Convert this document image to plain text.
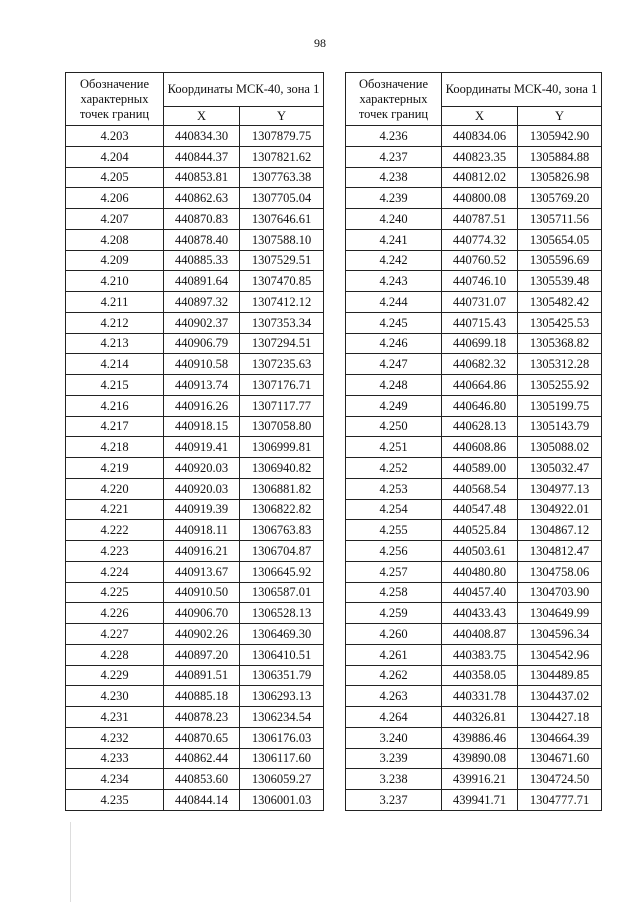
98
Обозначение характерных точек границ	Координаты МСК-40, зона 1	
	X	Y
4.203	440834.30	1307879.75
4.204	440844.37	1307821.62
4.205	440853.81	1307763.38
4.206	440862.63	1307705.04
4.207	440870.83	1307646.61
4.208	440878.40	1307588.10
4.209	440885.33	1307529.51
4.210	440891.64	1307470.85
4.211	440897.32	1307412.12
4.212	440902.37	1307353.34
4.213	440906.79	1307294.51
4.214	440910.58	1307235.63
4.215	440913.74	1307176.71
4.216	440916.26	1307117.77
4.217	440918.15	1307058.80
4.218	440919.41	1306999.81
4.219	440920.03	1306940.82
4.220	440920.03	1306881.82
4.221	440919.39	1306822.82
4.222	440918.11	1306763.83
4.223	440916.21	1306704.87
4.224	440913.67	1306645.92
4.225	440910.50	1306587.01
4.226	440906.70	1306528.13
4.227	440902.26	1306469.30
4.228	440897.20	1306410.51
4.229	440891.51	1306351.79
4.230	440885.18	1306293.13
4.231	440878.23	1306234.54
4.232	440870.65	1306176.03
4.233	440862.44	1306117.60
4.234	440853.60	1306059.27
4.235	440844.14	1306001.03
Обозначение характерных точек границ	Координаты МСК-40, зона 1	
	X	Y
4.236	440834.06	1305942.90
4.237	440823.35	1305884.88
4.238	440812.02	1305826.98
4.239	440800.08	1305769.20
4.240	440787.51	1305711.56
4.241	440774.32	1305654.05
4.242	440760.52	1305596.69
4.243	440746.10	1305539.48
4.244	440731.07	1305482.42
4.245	440715.43	1305425.53
4.246	440699.18	1305368.82
4.247	440682.32	1305312.28
4.248	440664.86	1305255.92
4.249	440646.80	1305199.75
4.250	440628.13	1305143.79
4.251	440608.86	1305088.02
4.252	440589.00	1305032.47
4.253	440568.54	1304977.13
4.254	440547.48	1304922.01
4.255	440525.84	1304867.12
4.256	440503.61	1304812.47
4.257	440480.80	1304758.06
4.258	440457.40	1304703.90
4.259	440433.43	1304649.99
4.260	440408.87	1304596.34
4.261	440383.75	1304542.96
4.262	440358.05	1304489.85
4.263	440331.78	1304437.02
4.264	440326.81	1304427.18
3.240	439886.46	1304664.39
3.239	439890.08	1304671.60
3.238	439916.21	1304724.50
3.237	439941.71	1304777.71
